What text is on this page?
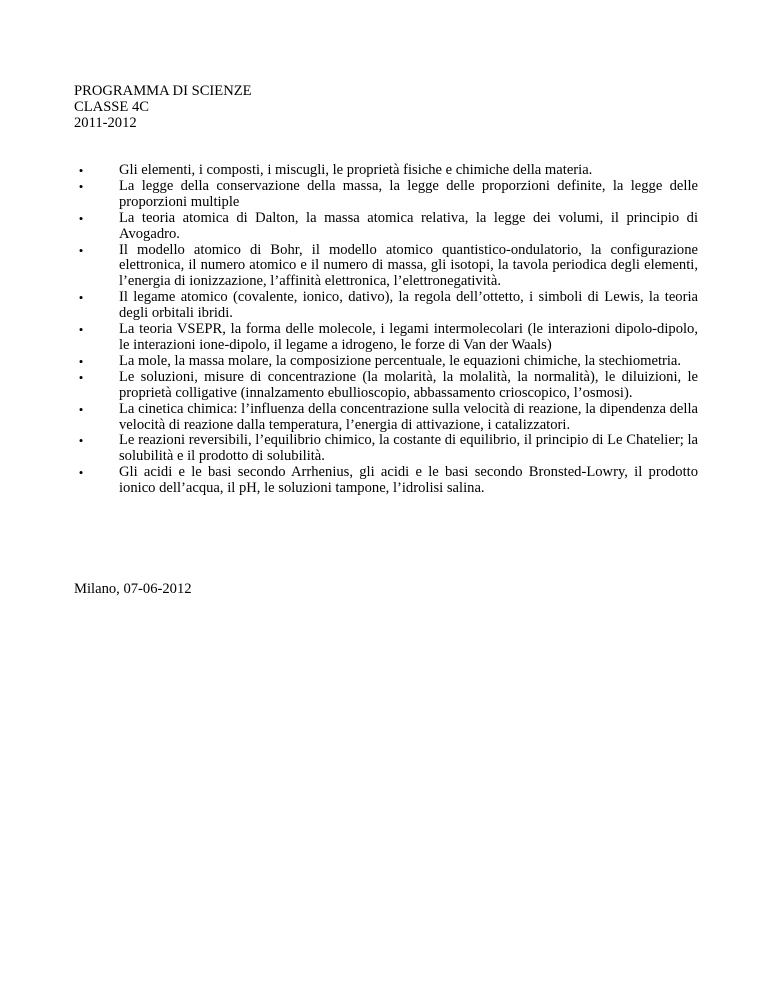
PROGRAMMA DI SCIENZE
CLASSE 4C
2011-2012
•	Gli elementi, i composti, i miscugli, le proprietà fisiche e chimiche della materia.
•	La legge della conservazione della massa, la legge delle proporzioni definite, la legge delle proporzioni multiple
•	La teoria atomica di Dalton, la massa atomica relativa, la legge dei volumi, il principio di Avogadro.
•	Il modello atomico di Bohr, il modello atomico quantistico-ondulatorio, la configurazione elettronica, il numero atomico e il numero di massa, gli isotopi, la tavola periodica degli elementi, l’energia di ionizzazione, l’affinità elettronica, l’elettronegatività.
•	Il legame atomico (covalente, ionico, dativo), la regola dell’ottetto, i simboli di Lewis, la teoria degli orbitali ibridi.
•	La teoria VSEPR, la forma delle molecole, i legami intermolecolari (le interazioni dipolo-dipolo, le interazioni ione-dipolo, il legame a idrogeno, le forze di Van der Waals)
•	La mole, la massa molare, la composizione percentuale, le equazioni chimiche, la stechiometria.
•	Le soluzioni, misure di concentrazione (la molarità, la molalità, la normalità), le diluizioni, le proprietà colligative (innalzamento ebullioscopio, abbassamento crioscopico, l’osmosi).
•	La cinetica chimica: l’influenza della concentrazione sulla velocità di reazione, la dipendenza della velocità di reazione dalla temperatura, l’energia di attivazione, i catalizzatori.
•	Le reazioni reversibili, l’equilibrio chimico, la costante di equilibrio, il principio di Le Chatelier; la solubilità e il prodotto di solubilità.
•	Gli acidi e le basi secondo Arrhenius, gli acidi e le basi secondo Bronsted-Lowry, il prodotto ionico dell’acqua, il pH, le soluzioni tampone, l’idrolisi salina.
Milano, 07-06-2012
